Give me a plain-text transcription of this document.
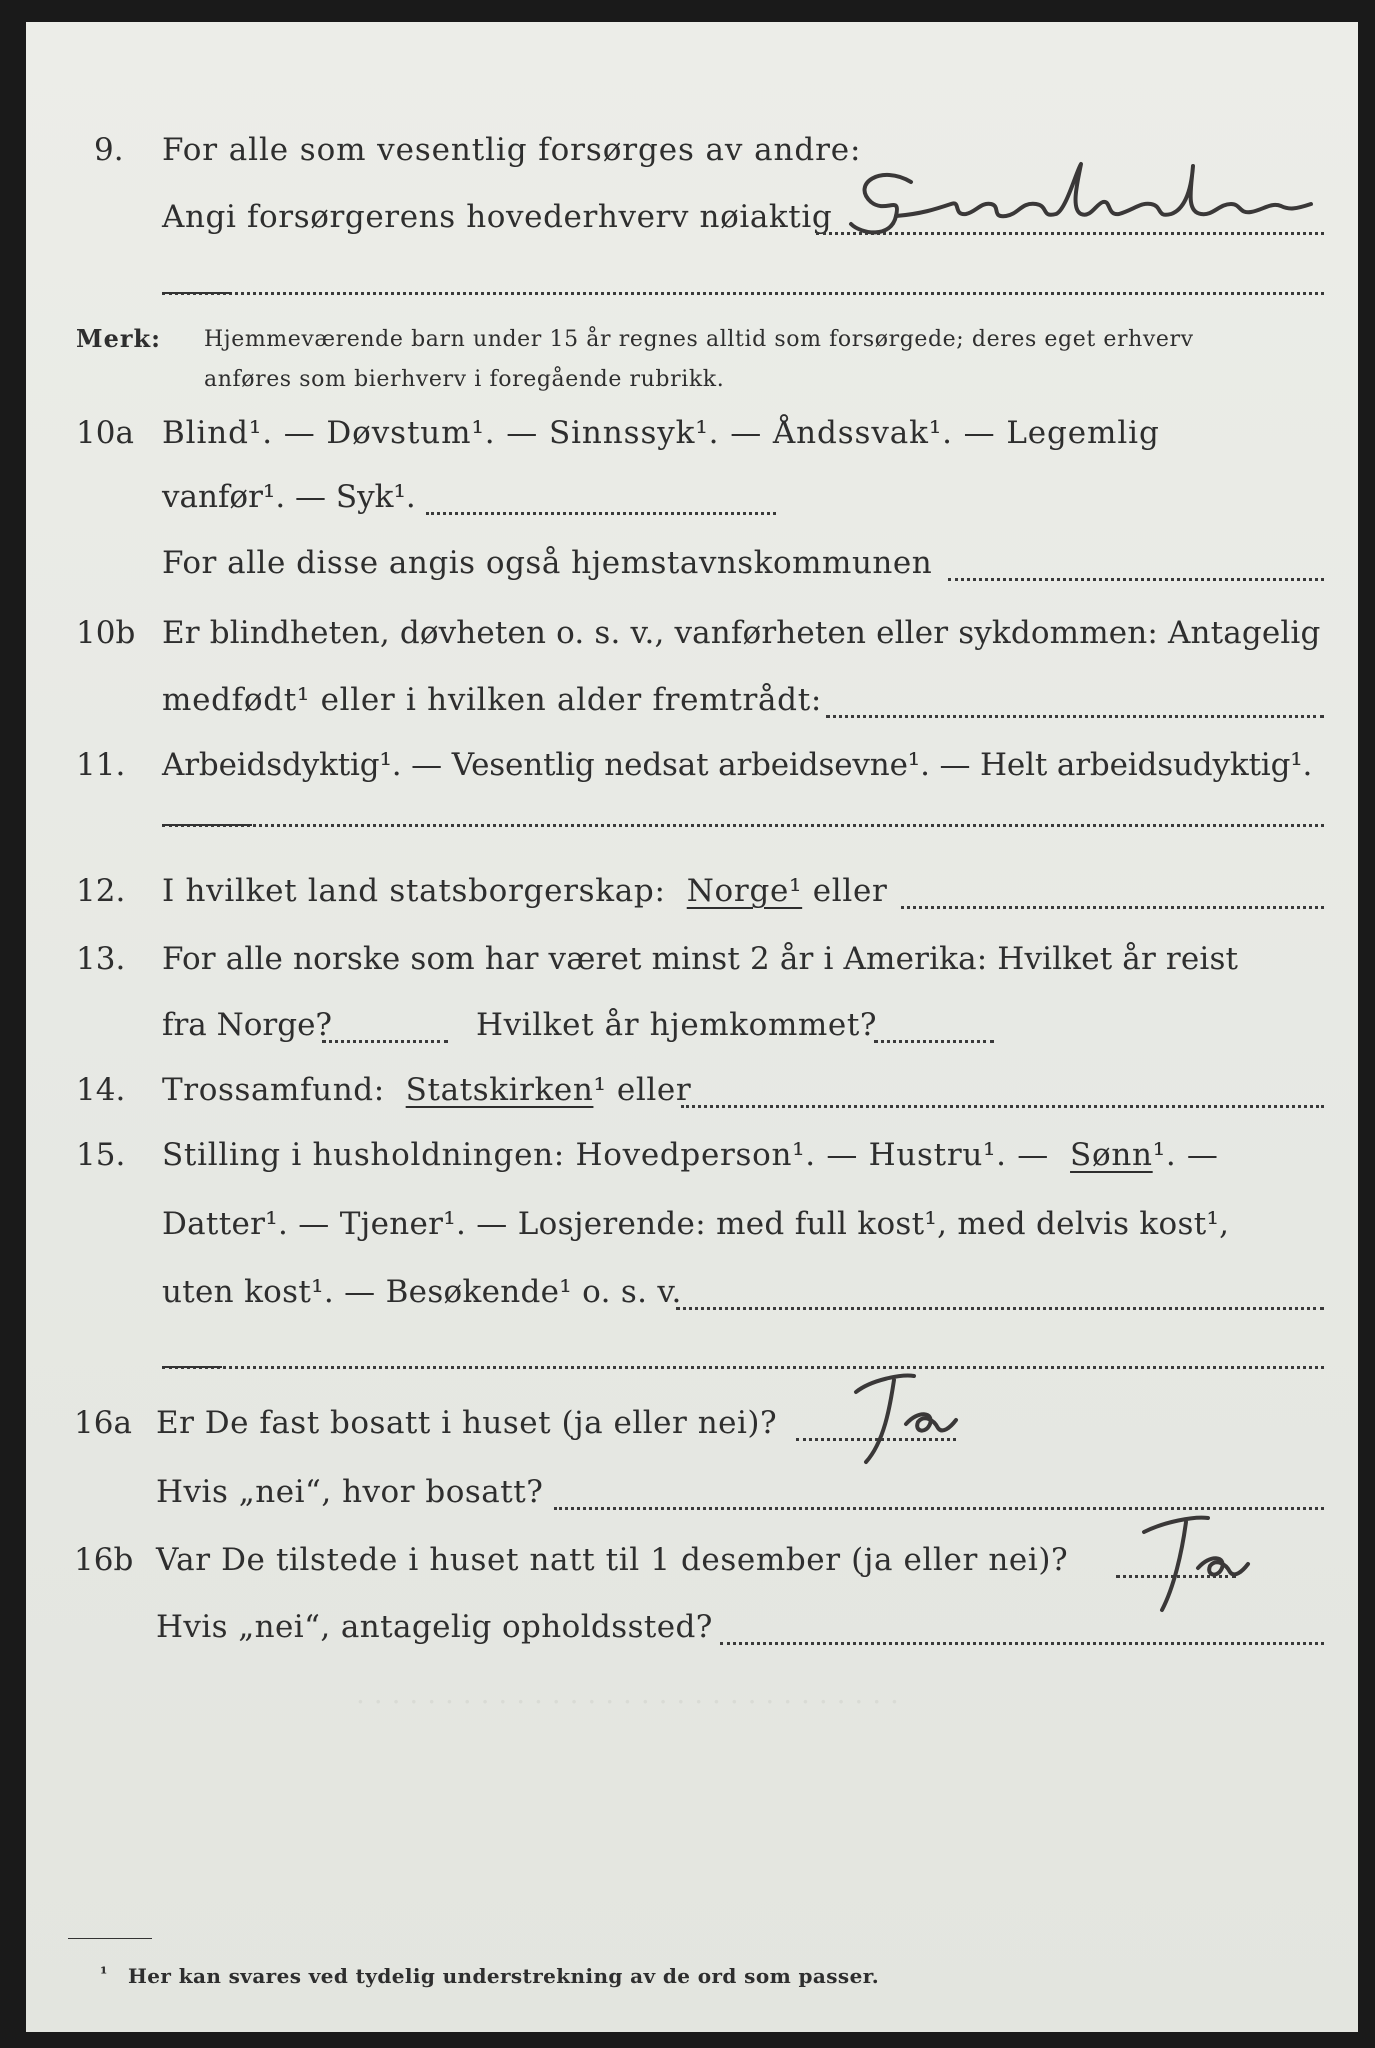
. . . . . . . . . . . . . . . . . . . . . . . . . . . . . . .
9. For alle som vesentlig forsørges av andre:
Angi forsørgerens hovederhverv nøiaktig
Merk: Hjemmeværende barn under 15 år regnes alltid som forsørgede; deres eget erhverv
anføres som bierhverv i foregående rubrikk.
10a Blind¹. — Døvstum¹. — Sinnssyk¹. — Åndssvak¹. — Legemlig
vanfør¹. — Syk¹.
For alle disse angis også hjemstavnskommunen
10b Er blindheten, døvheten o. s. v., vanførheten eller sykdommen: Antagelig
medfødt¹ eller i hvilken alder fremtrådt:
11. Arbeidsdyktig¹. — Vesentlig nedsat arbeidsevne¹. — Helt arbeidsudyktig¹.
12. I hvilket land statsborgerskap: Norge¹ eller
13. For alle norske som har været minst 2 år i Amerika: Hvilket år reist
fra Norge?	Hvilket år hjemkommet?
14. Trossamfund: Statskirken¹ eller
15. Stilling i husholdningen: Hovedperson¹. — Hustru¹. — Sønn¹. —
Datter¹. — Tjener¹. — Losjerende: med full kost¹, med delvis kost¹,
uten kost¹. — Besøkende¹ o. s. v.
16a Er De fast bosatt i huset (ja eller nei)?
Hvis „nei“, hvor bosatt?
16b Var De tilstede i huset natt til 1 desember (ja eller nei)?
Hvis „nei“, antagelig opholdssted?
¹ Her kan svares ved tydelig understrekning av de ord som passer.
